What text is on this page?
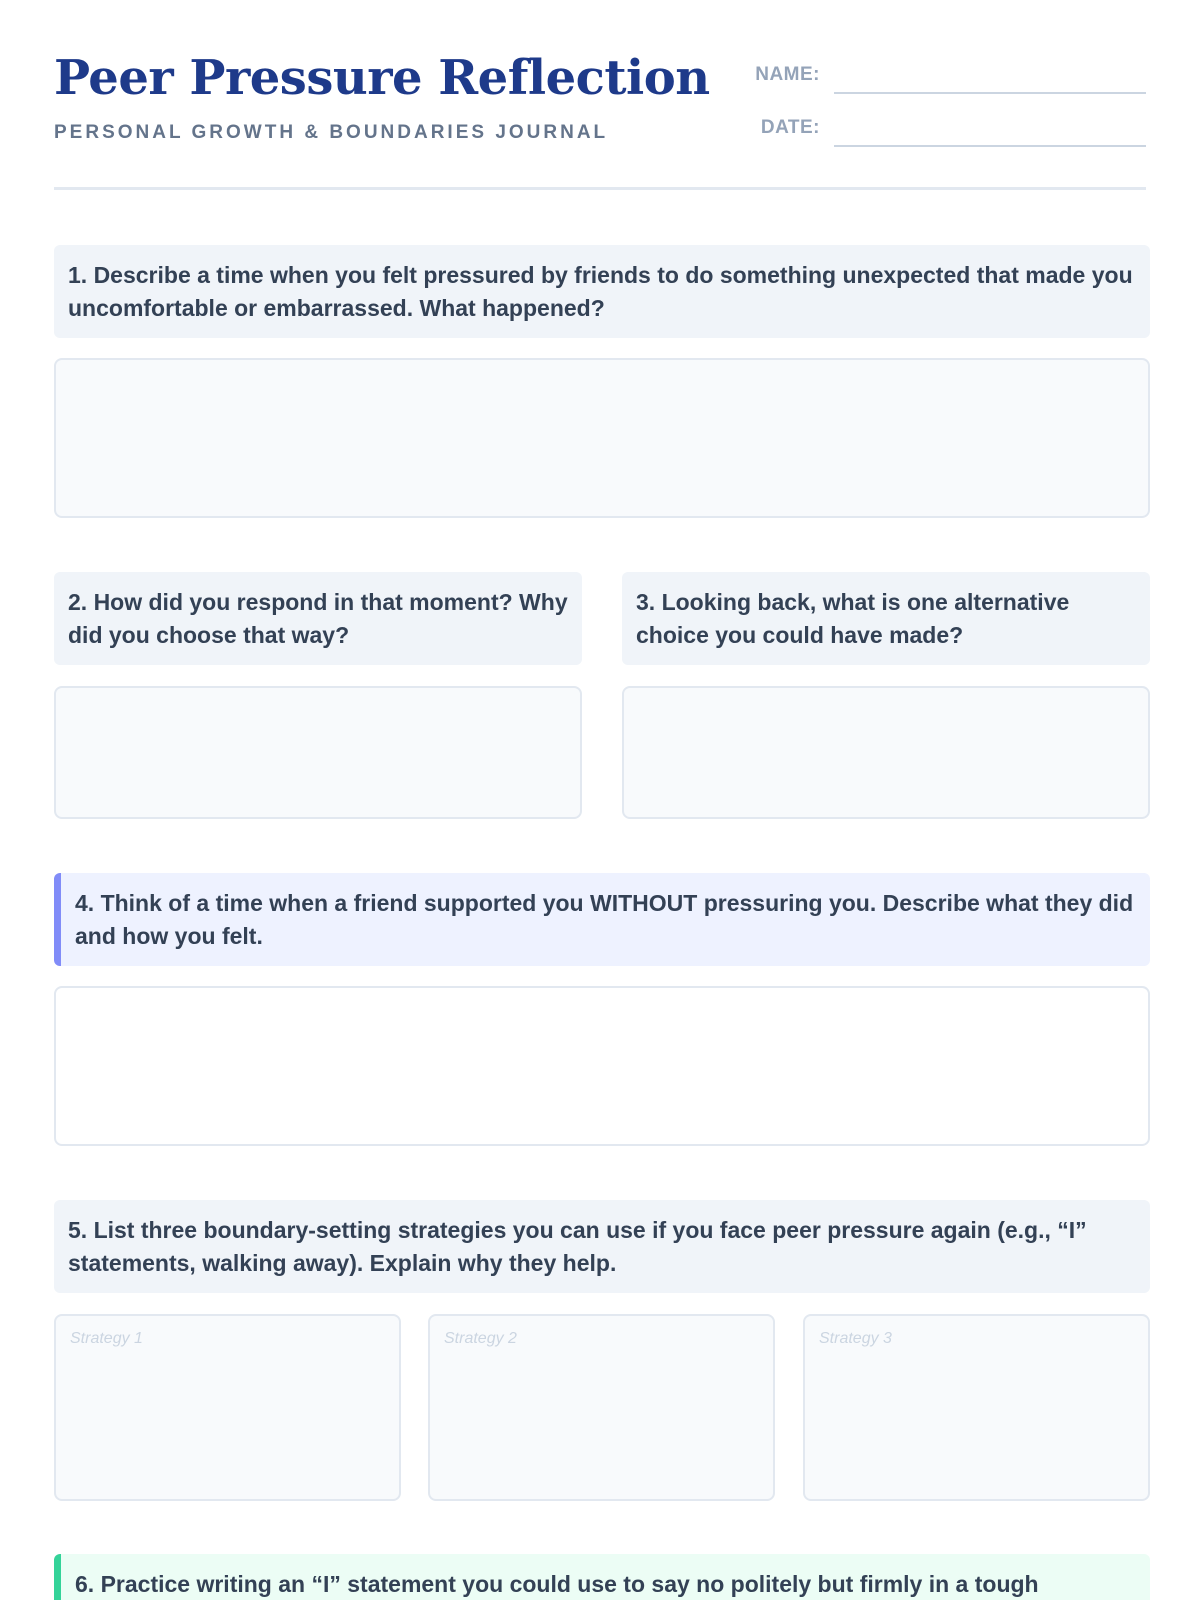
Peer Pressure Reflection
PERSONAL GROWTH & BOUNDARIES JOURNAL
NAME:
DATE:
1. Describe a time when you felt pressured by friends to do something unexpected that made you uncomfortable or embarrassed. What happened?
2. How did you respond in that moment? Why did you choose that way?
3. Looking back, what is one alternative choice you could have made?
4. Think of a time when a friend supported you WITHOUT pressuring you. Describe what they did and how you felt.
5. List three boundary-setting strategies you can use if you face peer pressure again (e.g., “I” statements, walking away). Explain why they help.
Strategy 1	Strategy 2	Strategy 3
6. Practice writing an “I” statement you could use to say no politely but firmly in a tough
